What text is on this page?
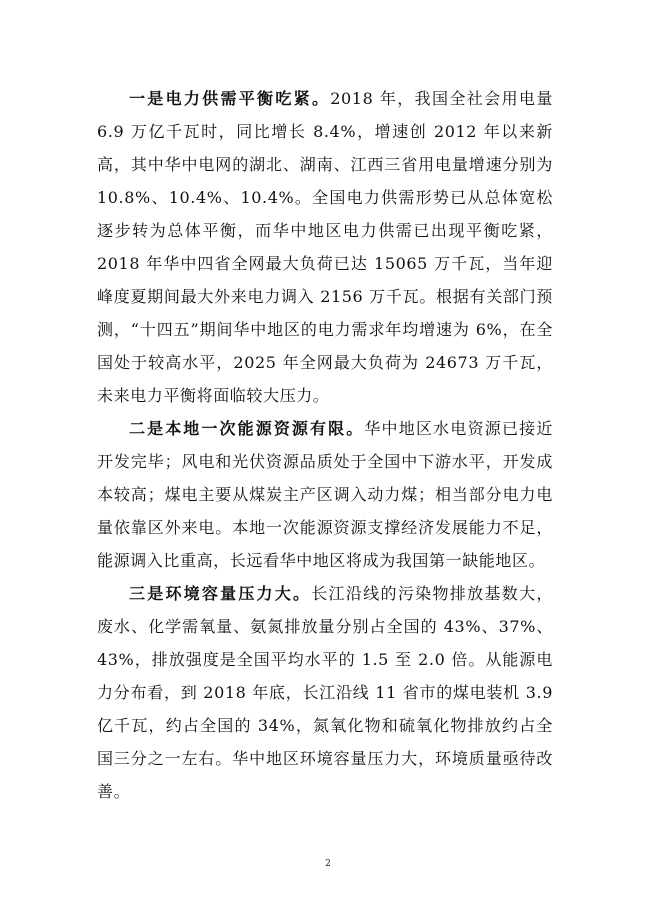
一是电力供需平衡吃紧。2018 年，我国全社会用电量 6.9 万亿千瓦时，同比增长 8.4%，增速创 2012 年以来新高，其中华中电网的湖北、湖南、江西三省用电量增速分别为 10.8%、10.4%、10.4%。全国电力供需形势已从总体宽松逐步转为总体平衡，而华中地区电力供需已出现平衡吃紧，2018 年华中四省全网最大负荷已达 15065 万千瓦，当年迎峰度夏期间最大外来电力调入 2156 万千瓦。根据有关部门预测，“十四五”期间华中地区的电力需求年均增速为 6%，在全国处于较高水平，2025 年全网最大负荷为 24673 万千瓦，未来电力平衡将面临较大压力。

二是本地一次能源资源有限。华中地区水电资源已接近开发完毕；风电和光伏资源品质处于全国中下游水平，开发成本较高；煤电主要从煤炭主产区调入动力煤；相当部分电力电量依靠区外来电。本地一次能源资源支撑经济发展能力不足，能源调入比重高，长远看华中地区将成为我国第一缺能地区。

三是环境容量压力大。长江沿线的污染物排放基数大，废水、化学需氧量、氨氮排放量分别占全国的 43%、37%、43%，排放强度是全国平均水平的 1.5 至 2.0 倍。从能源电力分布看，到 2018 年底，长江沿线 11 省市的煤电装机 3.9 亿千瓦，约占全国的 34%，氮氧化物和硫氧化物排放约占全国三分之一左右。华中地区环境容量压力大，环境质量亟待改善。

2
